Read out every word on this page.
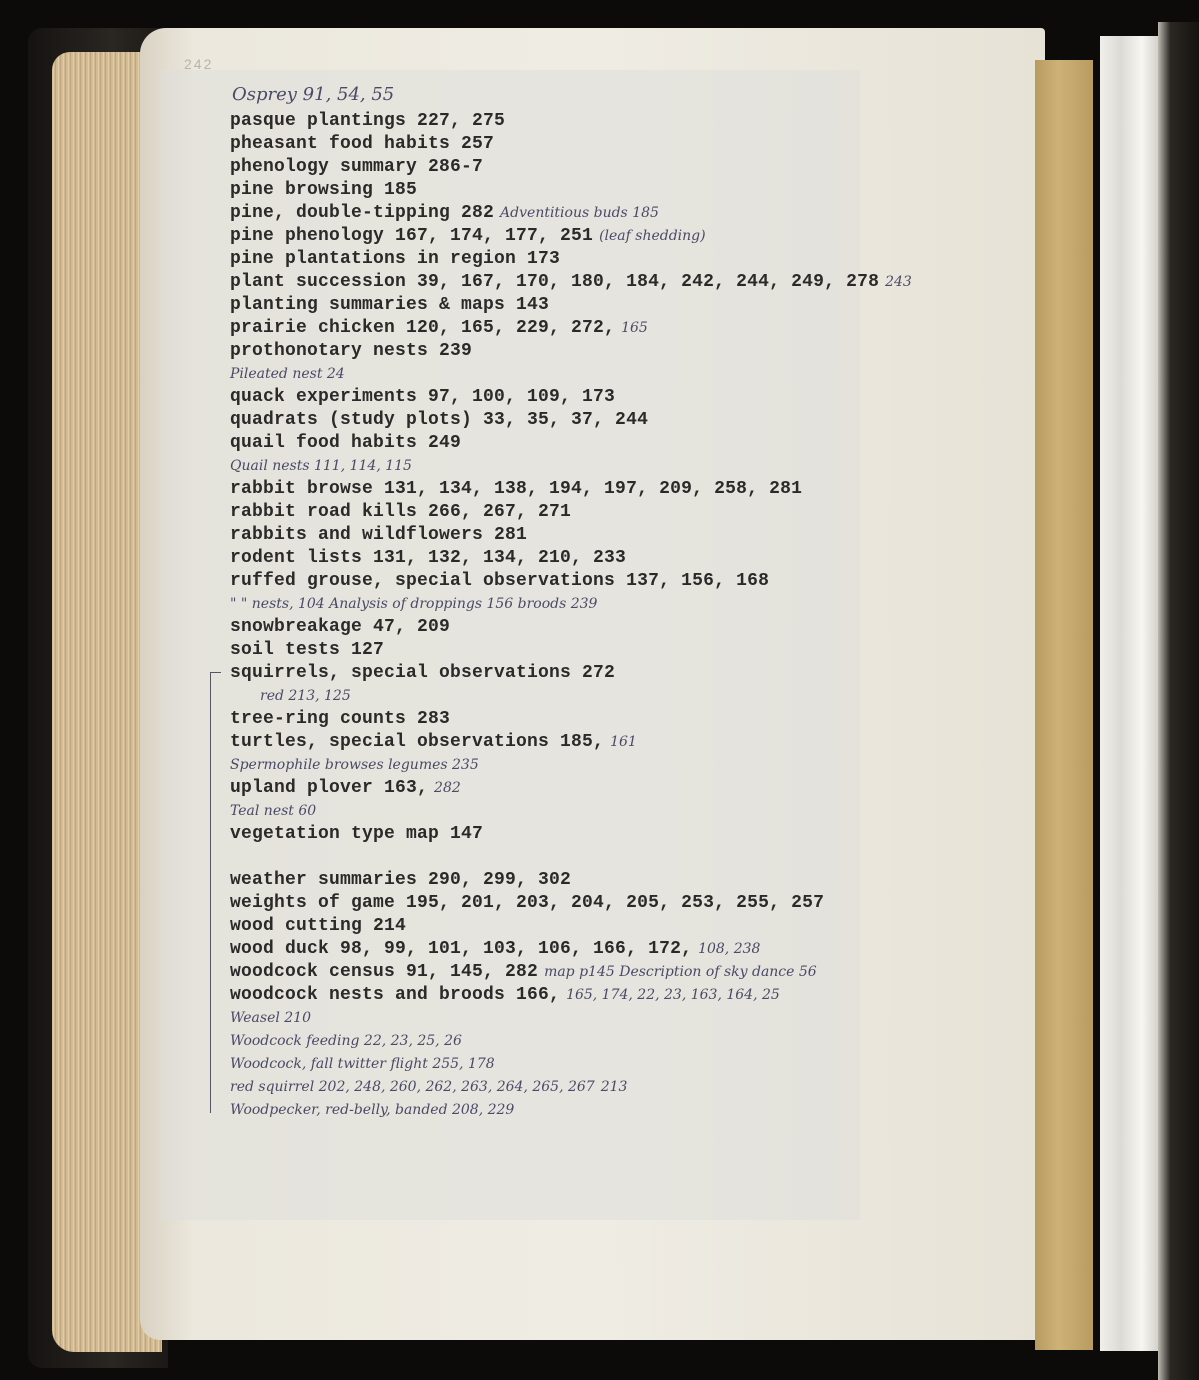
242
Osprey 91, 54, 55
pasque plantings 227, 275
pheasant food habits 257
phenology summary 286-7
pine browsing 185
pine, double-tipping 282 Adventitious buds 185
pine phenology 167, 174, 177, 251 (leaf shedding)
pine plantations in region 173
plant succession 39, 167, 170, 180, 184, 242, 244, 249, 278 243
planting summaries & maps 143
prairie chicken 120, 165, 229, 272, 165
prothonotary nests 239
Pileated nest 24
quack experiments 97, 100, 109, 173
quadrats (study plots) 33, 35, 37, 244
quail food habits 249
Quail nests 111, 114, 115
rabbit browse 131, 134, 138, 194, 197, 209, 258, 281
rabbit road kills 266, 267, 271
rabbits and wildflowers 281
rodent lists 131, 132, 134, 210, 233
ruffed grouse, special observations 137, 156, 168
" " nests, 104 Analysis of droppings 156 broods 239
snowbreakage 47, 209
soil tests 127
squirrels, special observations 272
red 213, 125
tree-ring counts 283
turtles, special observations 185, 161
Spermophile browses legumes 235
upland plover 163, 282
Teal nest 60
vegetation type map 147
weather summaries 290, 299, 302
weights of game 195, 201, 203, 204, 205, 253, 255, 257
wood cutting 214
wood duck 98, 99, 101, 103, 106, 166, 172, 108, 238
woodcock census 91, 145, 282 map p145 Description of sky dance 56
woodcock nests and broods 166, 165, 174, 22, 23, 163, 164, 25
Weasel 210
Woodcock feeding 22, 23, 25, 26
Woodcock, fall twitter flight 255, 178
red squirrel 202, 248, 260, 262, 263, 264, 265, 267 213
Woodpecker, red-belly, banded 208, 229
